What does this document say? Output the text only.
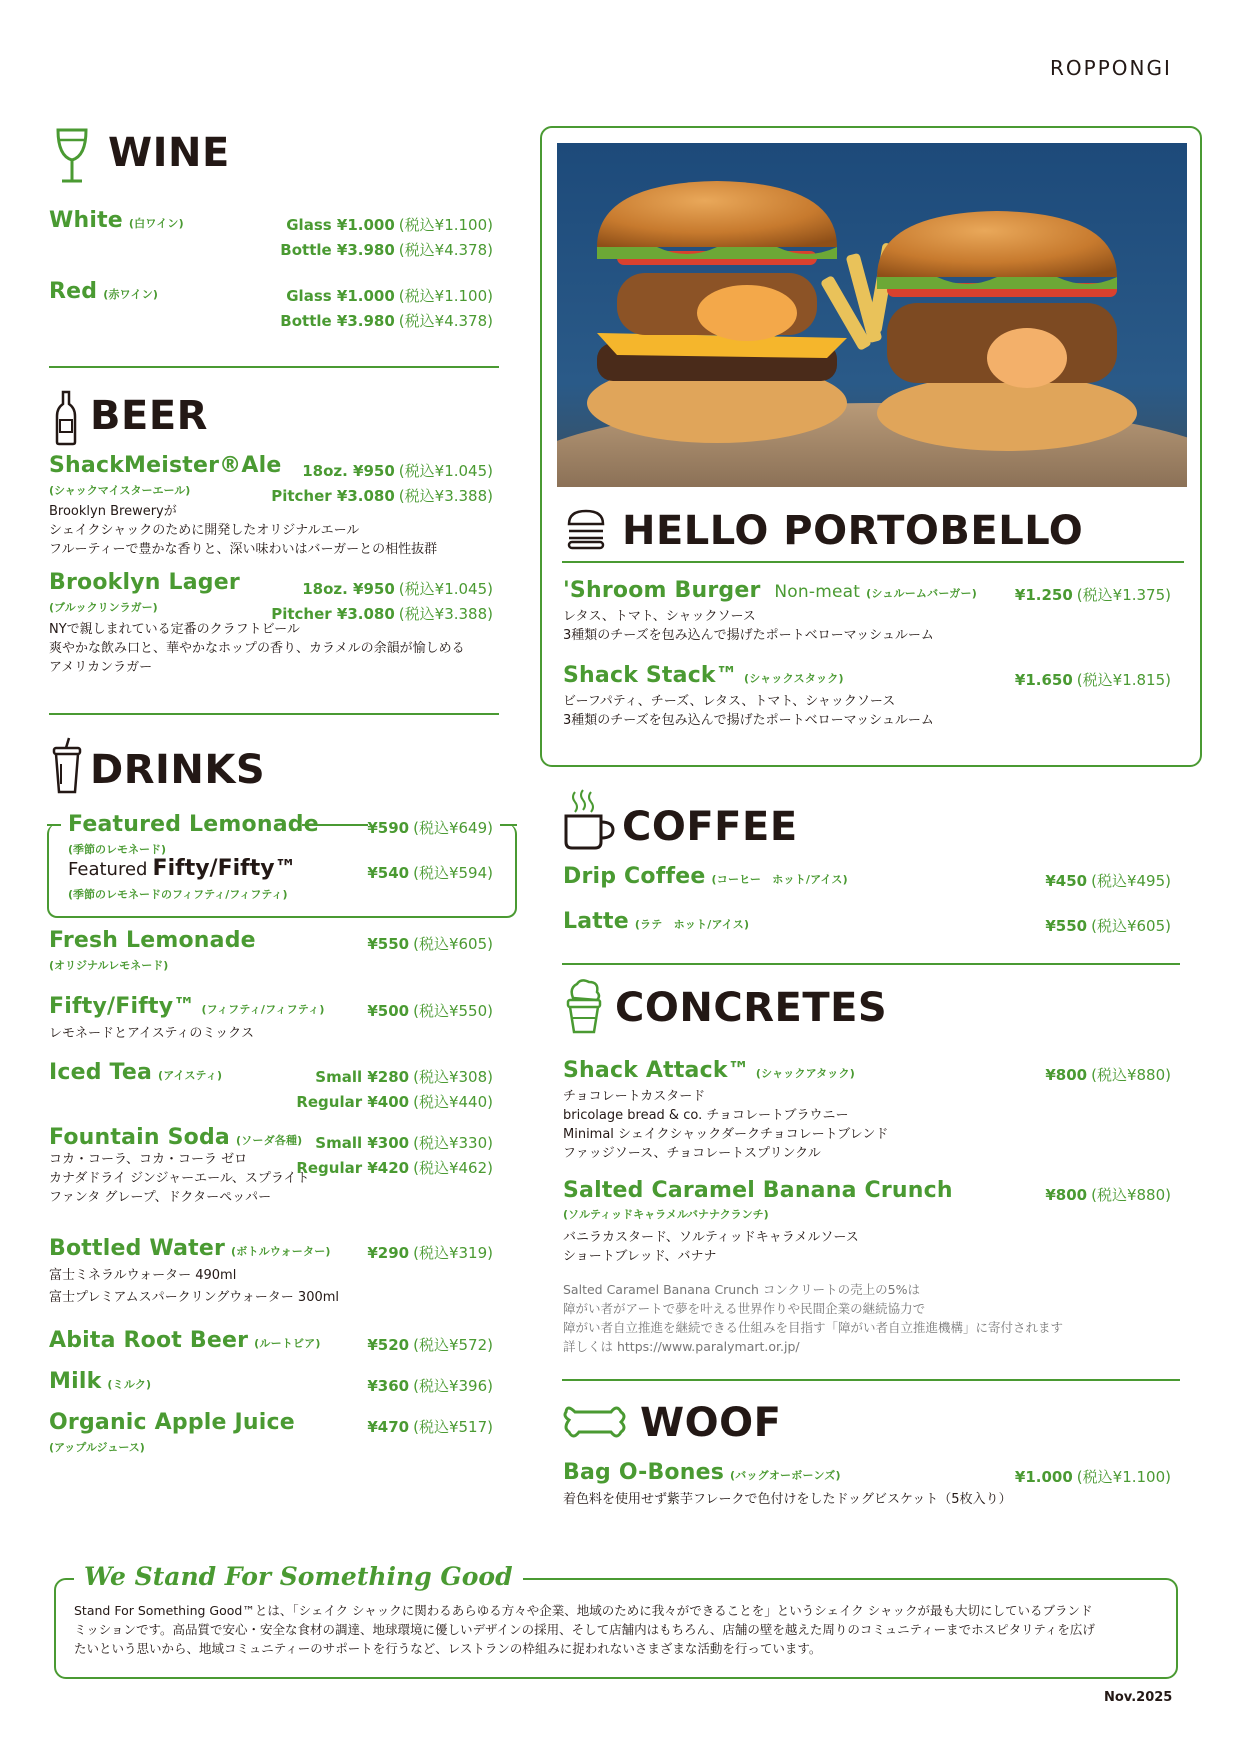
ROPPONGI
WINE
White (白ワイン)	Glass ¥1.000 (税込¥1.100)
Bottle ¥3.980 (税込¥4.378)
Red (赤ワイン)	Glass ¥1.000 (税込¥1.100)
Bottle ¥3.980 (税込¥4.378)
BEER
ShackMeister®Ale
(シャックマイスターエール)
18oz. ¥950 (税込¥1.045)
Pitcher ¥3.080 (税込¥3.388)
Brooklyn Breweryが
シェイクシャックのために開発したオリジナルエール
フルーティーで豊かな香りと、深い味わいはバーガーとの相性抜群
Brooklyn Lager
(ブルックリンラガー)
18oz. ¥950 (税込¥1.045)
Pitcher ¥3.080 (税込¥3.388)
NYで親しまれている定番のクラフトビール
爽やかな飲み口と、華やかなホップの香り、カラメルの余韻が愉しめる
アメリカンラガー
DRINKS
Featured Lemonade
(季節のレモネード)
¥590 (税込¥649)
Featured Fifty/Fifty™
(季節のレモネードのフィフティ/フィフティ)
¥540 (税込¥594)
Fresh Lemonade
(オリジナルレモネード)
¥550 (税込¥605)
Fifty/Fifty™ (フィフティ/フィフティ)	¥500 (税込¥550)
レモネードとアイスティのミックス
Iced Tea (アイスティ)	Small ¥280 (税込¥308)
Regular ¥400 (税込¥440)
Fountain Soda (ソーダ各種) Small ¥300 (税込¥330)
Regular ¥420 (税込¥462)
コカ・コーラ、コカ・コーラ ゼロ
カナダドライ ジンジャーエール、スプライト
ファンタ グレープ、ドクターペッパー
Bottled Water (ボトルウォーター) ¥290 (税込¥319)
富士ミネラルウォーター 490ml
富士プレミアムスパークリングウォーター 300ml
Abita Root Beer (ルートビア)	¥520 (税込¥572)
Milk (ミルク)	¥360 (税込¥396)
Organic Apple Juice
(アップルジュース)
¥470 (税込¥517)
HELLO PORTOBELLO
'Shroom Burger Non-meat (シュルームバーガー)	¥1.250 (税込¥1.375)
レタス、トマト、シャックソース
3種類のチーズを包み込んで揚げたポートベローマッシュルーム
Shack Stack™ (シャックスタック)	¥1.650 (税込¥1.815)
ビーフパティ、チーズ、レタス、トマト、シャックソース
3種類のチーズを包み込んで揚げたポートベローマッシュルーム
COFFEE
Drip Coffee (コーヒー　ホット/アイス)	¥450 (税込¥495)
Latte (ラテ　ホット/アイス)	¥550 (税込¥605)
CONCRETES
Shack Attack™ (シャックアタック)	¥800 (税込¥880)
チョコレートカスタード
bricolage bread & co. チョコレートブラウニー
Minimal シェイクシャックダークチョコレートブレンド
ファッジソース、チョコレートスプリンクル
Salted Caramel Banana Crunch
(ソルティッドキャラメルバナナクランチ)
¥800 (税込¥880)
バニラカスタード、ソルティッドキャラメルソース
ショートブレッド、バナナ
Salted Caramel Banana Crunch コンクリートの売上の5%は
障がい者がアートで夢を叶える世界作りや民間企業の継続協力で
障がい者自立推進を継続できる仕組みを目指す「障がい者自立推進機構」に寄付されます
詳しくは https://www.paralymart.or.jp/
WOOF
Bag O-Bones (バッグオーボーンズ)	¥1.000 (税込¥1.100)
着色料を使用せず紫芋フレークで色付けをしたドッグビスケット（5枚入り）
We Stand For Something Good
Stand For Something Good™とは、「シェイク シャックに関わるあらゆる方々や企業、地域のために我々ができることを」というシェイク シャックが最も大切にしているブランド
ミッションです。高品質で安心・安全な食材の調達、地球環境に優しいデザインの採用、そして店舗内はもちろん、店舗の壁を越えた周りのコミュニティーまでホスピタリティを広げ
たいという思いから、地域コミュニティーのサポートを行うなど、レストランの枠組みに捉われないさまざまな活動を行っています。
Nov.2025
